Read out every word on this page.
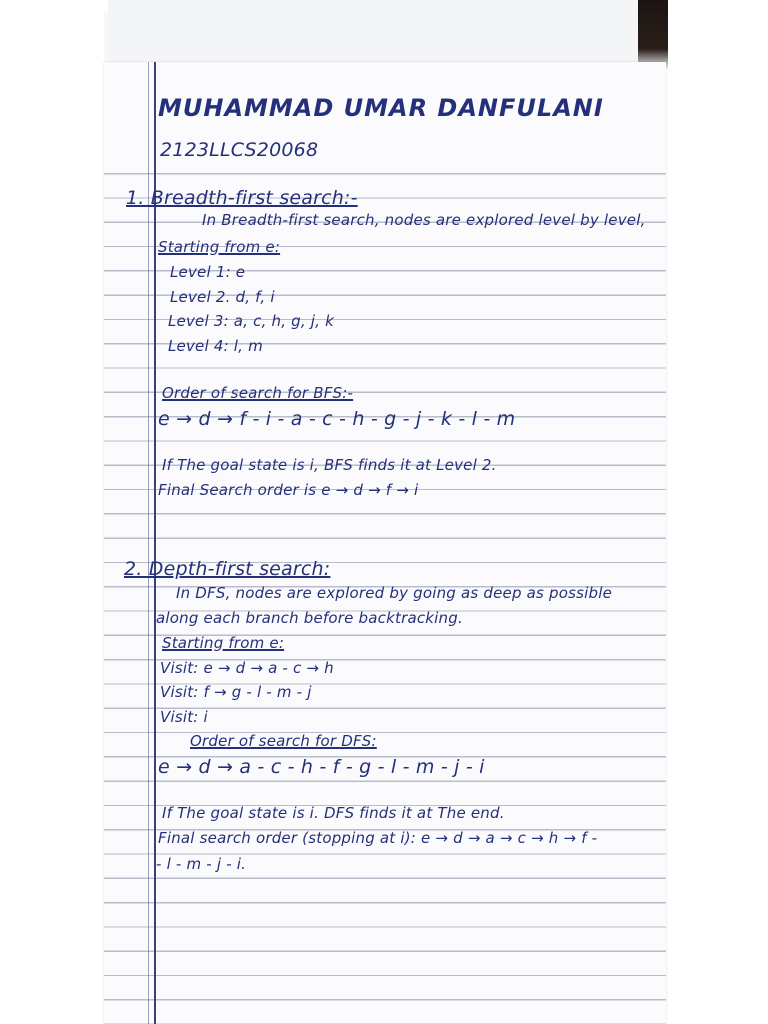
MUHAMMAD UMAR DANFULANI
2123LLCS20068
1. Breadth-first search:-
In Breadth-first search, nodes are explored level by level,
Starting from e:
Level 1: e
Level 2. d, f, i
Level 3: a, c, h, g, j, k
Level 4: l, m
Order of search for BFS:-
e → d → f - i - a - c - h - g - j - k - l - m
If The goal state is i, BFS finds it at Level 2.
Final Search order is e → d → f → i
2. Depth-first search:
In DFS, nodes are explored by going as deep as possible
along each branch before backtracking.
Starting from e:
Visit: e → d → a - c → h
Visit: f → g - l - m - j
Visit: i
Order of search for DFS:
e → d → a - c - h - f - g - l - m - j - i
If The goal state is i. DFS finds it at The end.
Final search order (stopping at i): e → d → a → c → h → f -
- l - m - j - i.
